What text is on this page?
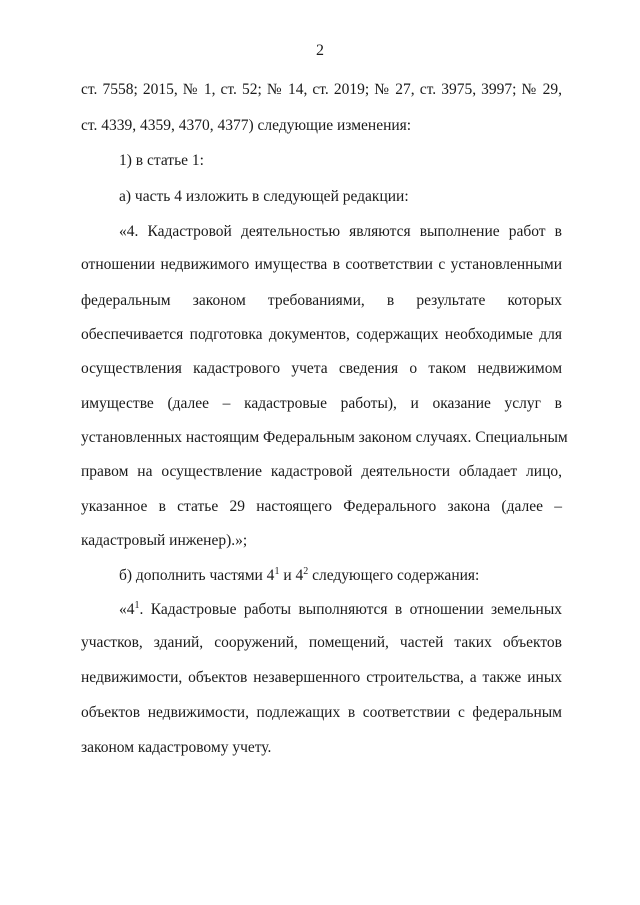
2
ст. 7558; 2015, № 1, ст. 52; № 14, ст. 2019; № 27, ст. 3975, 3997; № 29,
ст. 4339, 4359, 4370, 4377) следующие изменения:
1) в статье 1:
а) часть 4 изложить в следующей редакции:
«4. Кадастровой деятельностью являются выполнение работ в
отношении недвижимого имущества в соответствии с установленными
федеральным законом требованиями, в результате которых
обеспечивается подготовка документов, содержащих необходимые для
осуществления кадастрового учета сведения о таком недвижимом
имуществе (далее – кадастровые работы), и оказание услуг в
установленных настоящим Федеральным законом случаях. Специальным
правом на осуществление кадастровой деятельности обладает лицо,
указанное в статье 29 настоящего Федерального закона (далее –
кадастровый инженер).»;
б) дополнить частями $4^1$ и $4^2$ следующего содержания:
«$4^1$ . Кадастровые работы выполняются в отношении земельных
участков, зданий, сооружений, помещений, частей таких объектов
недвижимости, объектов незавершенного строительства, а также иных
объектов недвижимости, подлежащих в соответствии с федеральным
законом кадастровому учету.
